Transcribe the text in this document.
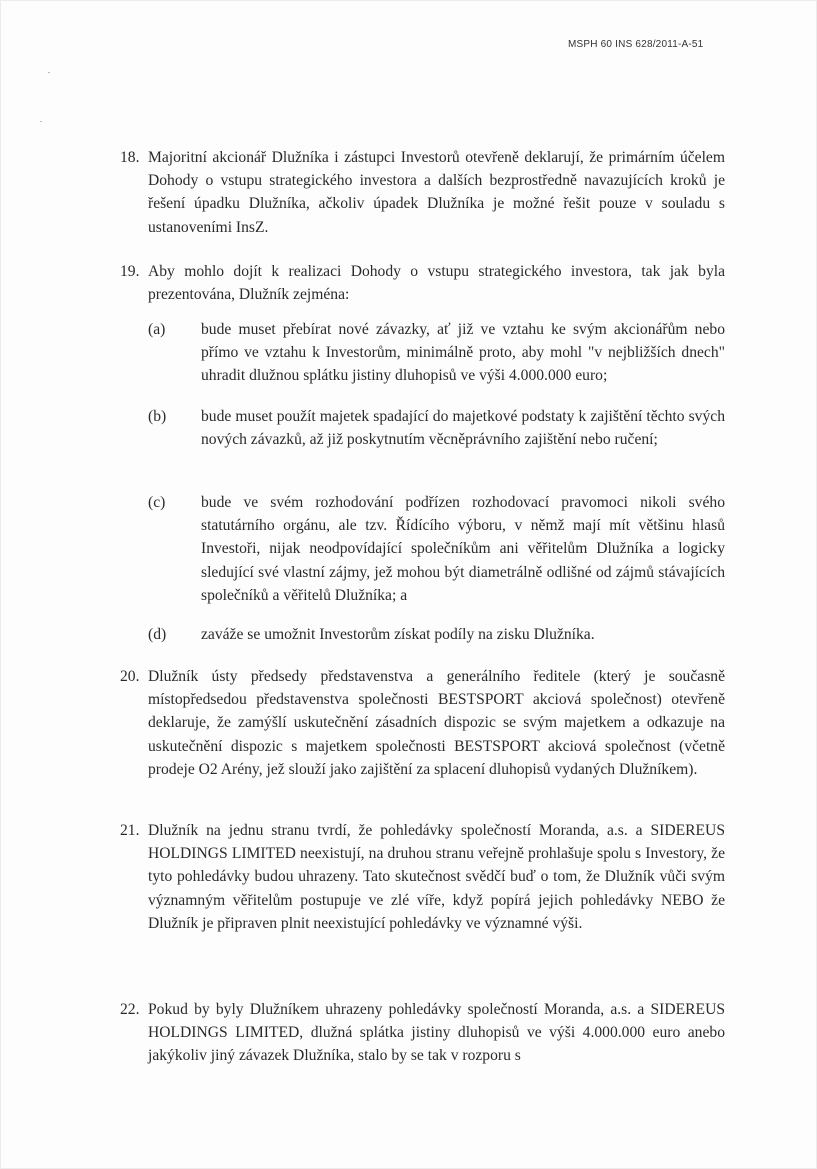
MSPH 60 INS 628/2011-A-51
18. Majoritní akcionář Dlužníka i zástupci Investorů otevřeně deklarují, že primárním účelem Dohody o vstupu strategického investora a dalších bezprostředně navazujících kroků je řešení úpadku Dlužníka, ačkoliv úpadek Dlužníka je možné řešit pouze v souladu s ustanoveními InsZ.
19. Aby mohlo dojít k realizaci Dohody o vstupu strategického investora, tak jak byla prezentována, Dlužník zejména:
(a) bude muset přebírat nové závazky, ať již ve vztahu ke svým akcionářům nebo přímo ve vztahu k Investorům, minimálně proto, aby mohl "v nejbližších dnech" uhradit dlužnou splátku jistiny dluhopisů ve výši 4.000.000 euro;
(b) bude muset použít majetek spadající do majetkové podstaty k zajištění těchto svých nových závazků, až již poskytnutím věcněprávního zajištění nebo ručení;
(c) bude ve svém rozhodování podřízen rozhodovací pravomoci nikoli svého statutárního orgánu, ale tzv. Řídícího výboru, v němž mají mít většinu hlasů Investoři, nijak neodpovídající společníkům ani věřitelům Dlužníka a logicky sledující své vlastní zájmy, jež mohou být diametrálně odlišné od zájmů stávajících společníků a věřitelů Dlužníka; a
(d) zaváže se umožnit Investorům získat podíly na zisku Dlužníka.
20. Dlužník ústy předsedy představenstva a generálního ředitele (který je současně místopředsedou představenstva společnosti BESTSPORT akciová společnost) otevřeně deklaruje, že zamýšlí uskutečnění zásadních dispozic se svým majetkem a odkazuje na uskutečnění dispozic s majetkem společnosti BESTSPORT akciová společnost (včetně prodeje O2 Arény, jež slouží jako zajištění za splacení dluhopisů vydaných Dlužníkem).
21. Dlužník na jednu stranu tvrdí, že pohledávky společností Moranda, a.s. a SIDEREUS HOLDINGS LIMITED neexistují, na druhou stranu veřejně prohlašuje spolu s Investory, že tyto pohledávky budou uhrazeny. Tato skutečnost svědčí buď o tom, že Dlužník vůči svým významným věřitelům postupuje ve zlé víře, když popírá jejich pohledávky NEBO že Dlužník je připraven plnit neexistující pohledávky ve významné výši.
22. Pokud by byly Dlužníkem uhrazeny pohledávky společností Moranda, a.s. a SIDEREUS HOLDINGS LIMITED, dlužná splátka jistiny dluhopisů ve výši 4.000.000 euro anebo jakýkoliv jiný závazek Dlužníka, stalo by se tak v rozporu s
